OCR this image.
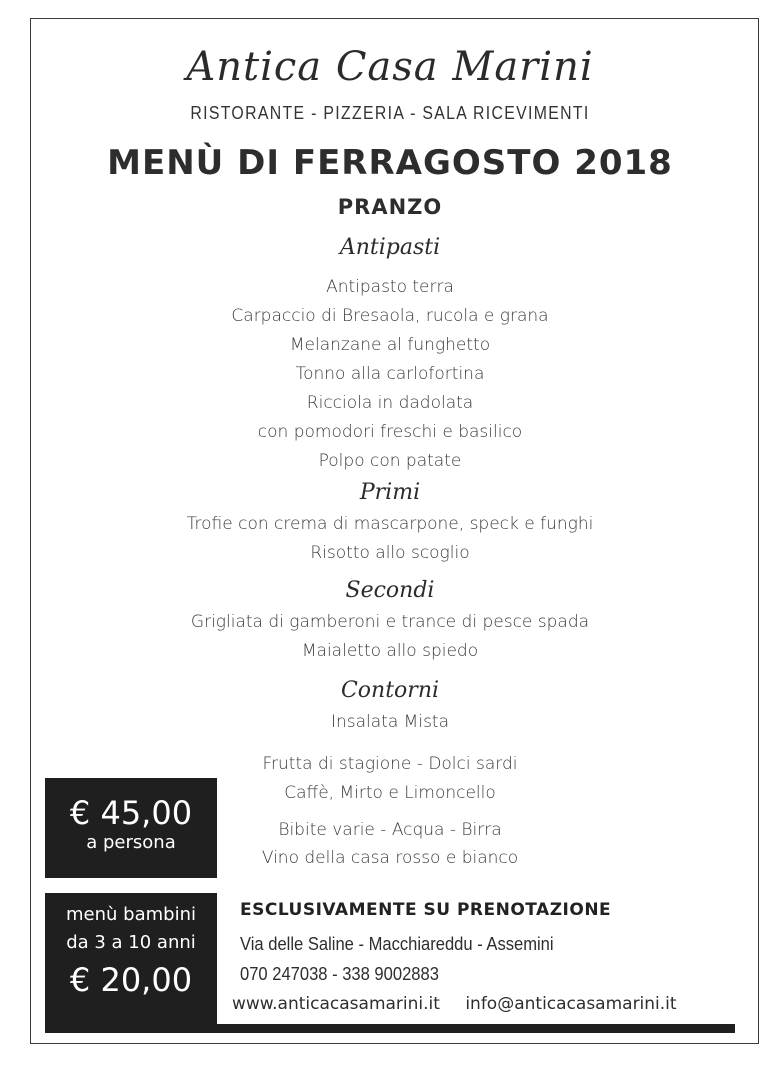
Antica Casa Marini
RISTORANTE - PIZZERIA - SALA RICEVIMENTI
MENÙ DI FERRAGOSTO 2018
PRANZO
Antipasti
Antipasto terra
Carpaccio di Bresaola, rucola e grana
Melanzane al funghetto
Tonno alla carlofortina
Ricciola in dadolata
con pomodori freschi e basilico
Polpo con patate
Primi
Trofie con crema di mascarpone, speck e funghi
Risotto allo scoglio
Secondi
Grigliata di gamberoni e trance di pesce spada
Maialetto allo spiedo
Contorni
Insalata Mista
Frutta di stagione - Dolci sardi
Caffè, Mirto e Limoncello
Bibite varie - Acqua - Birra
Vino della casa rosso e bianco
€ 45,00
a persona
menù bambini
da 3 a 10 anni
€ 20,00
ESCLUSIVAMENTE SU PRENOTAZIONE
Via delle Saline - Macchiareddu - Assemini
070 247038 - 338 9002883
www.anticacasamarini.it info@anticacasamarini.it
